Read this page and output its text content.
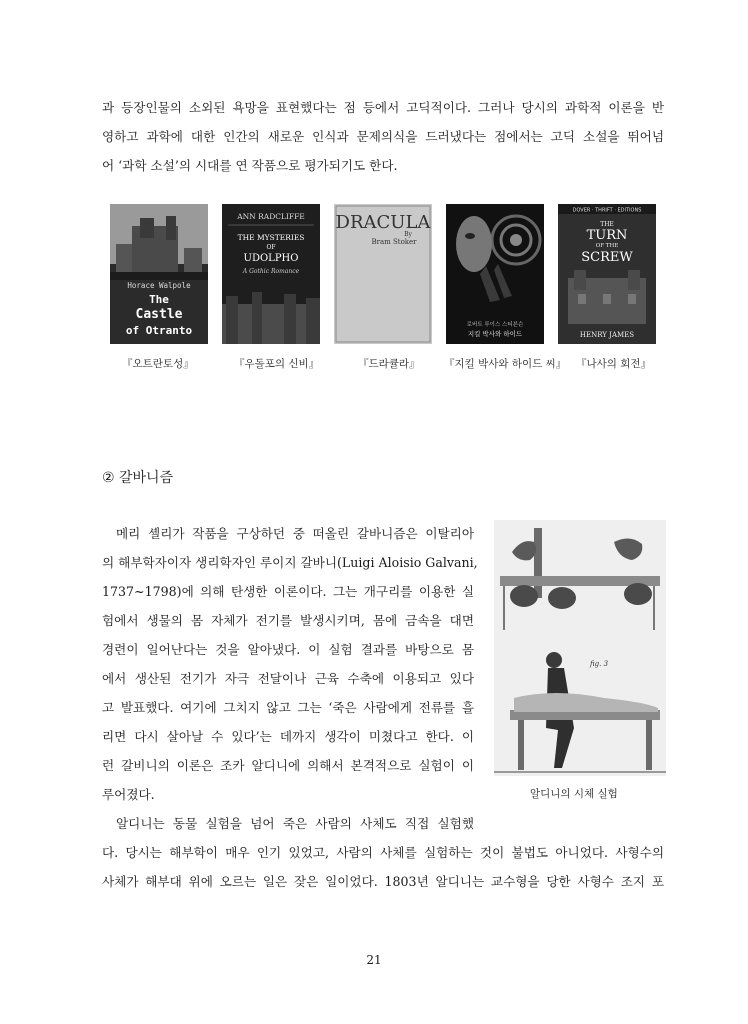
과 등장인물의 소외된 욕망을 표현했다는 점 등에서 고딕적이다. 그러나 당시의 과학적 이론을 반
영하고 과학에 대한 인간의 새로운 인식과 문제의식을 드러냈다는 점에서는 고딕 소설을 뛰어넘
어 ‘과학 소설’의 시대를 연 작품으로 평가되기도 한다.
Horace Walpole
The
Castle
of Otranto
『오트란토성』
ANN RADCLIFFE
THE MYSTERIES
OF
UDOLPHO
A Gothic Romance
『우돌포의 신비』
DRACULA
By
Bram Stoker
『드라큘라』
로버트 루이스 스티븐슨
지킬 박사와 하이드
『지킬 박사와 하이드 씨』
DOVER · THRIFT · EDITIONS
THE
TURN
OF THE
SCREW
HENRY JAMES
『나사의 회전』
② 갈바니즘
메리 셸리가 작품을 구상하던 중 떠올린 갈바니즘은 이탈리아
의 해부학자이자 생리학자인 루이지 갈바니(Luigi Aloisio Galvani,
1737~1798)에 의해 탄생한 이론이다. 그는 개구리를 이용한 실
험에서 생물의 몸 자체가 전기를 발생시키며, 몸에 금속을 대면
경련이 일어난다는 것을 알아냈다. 이 실험 결과를 바탕으로 몸
에서 생산된 전기가 자극 전달이나 근육 수축에 이용되고 있다
고 발표했다. 여기에 그치지 않고 그는 ‘죽은 사람에게 전류를 흘
리면 다시 살아날 수 있다’는 데까지 생각이 미쳤다고 한다. 이
런 갈비니의 이론은 조카 알디니에 의해서 본격적으로 실험이 이
루어졌다.
알디니는 동물 실험을 넘어 죽은 사람의 사체도 직접 실험했
fig. 3
알디니의 시체 실험
다. 당시는 해부학이 매우 인기 있었고, 사람의 사체를 실험하는 것이 불법도 아니었다. 사형수의
사체가 해부대 위에 오르는 일은 잦은 일이었다. 1803년 알디니는 교수형을 당한 사형수 조지 포
21
